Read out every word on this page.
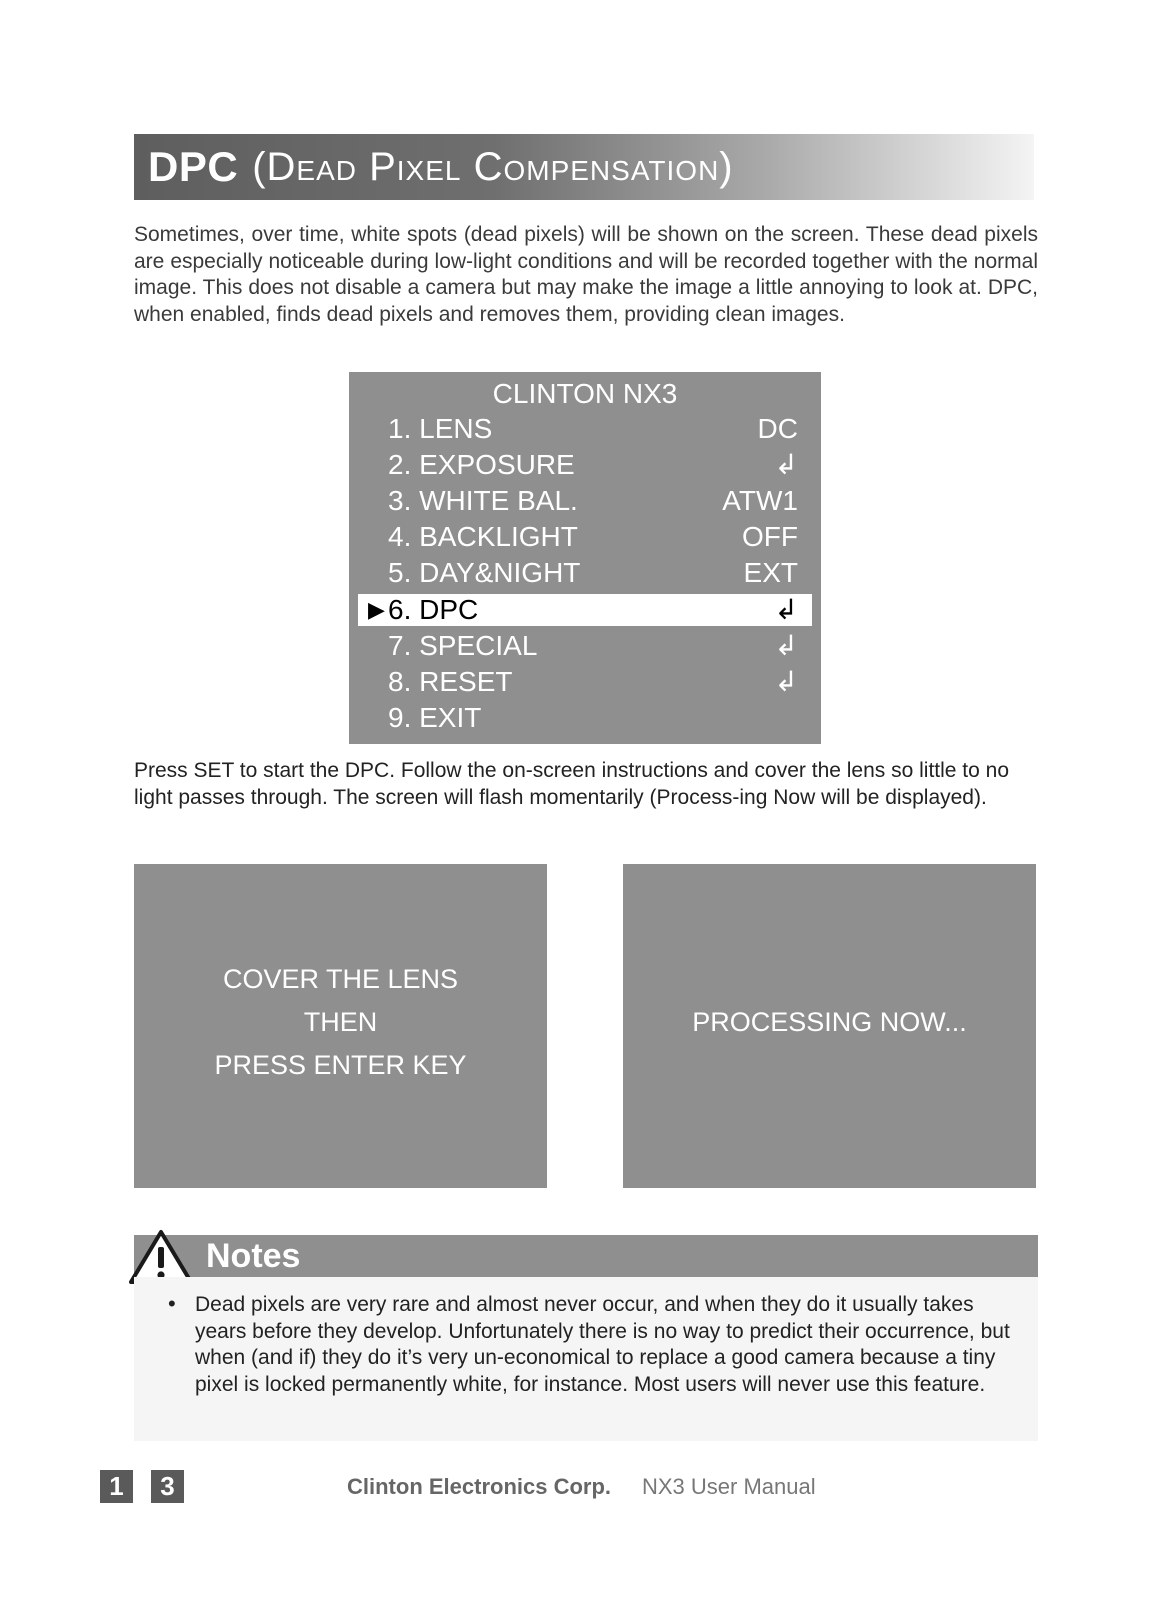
DPC (Dead Pixel Compensation)

Sometimes, over time, white spots (dead pixels) will be shown on the screen. These dead pixels are especially noticeable during low-light conditions and will be recorded together with the normal image. This does not disable a camera but may make the image a little annoying to look at. DPC, when enabled, finds dead pixels and removes them, providing clean images.

CLINTON NX3
1. LENS	DC
2. EXPOSURE	↲
3. WHITE BAL.	ATW1
4. BACKLIGHT	OFF
5. DAY&NIGHT	EXT
▶ 6. DPC	↲
7. SPECIAL	↲
8. RESET	↲
9. EXIT

Press SET to start the DPC. Follow the on-screen instructions and cover the lens so little to no light passes through. The screen will flash momentarily (Process-ing Now will be displayed).

COVER THE LENS
THEN
PRESS ENTER KEY
PROCESSING NOW...
Notes
• Dead pixels are very rare and almost never occur, and when they do it usually takes years before they develop. Unfortunately there is no way to predict their occurrence, but when (and if) they do it’s very un-economical to replace a good camera because a tiny pixel is locked permanently white, for instance. Most users will never use this feature.

1	3	Clinton Electronics Corp. NX3 User Manual
